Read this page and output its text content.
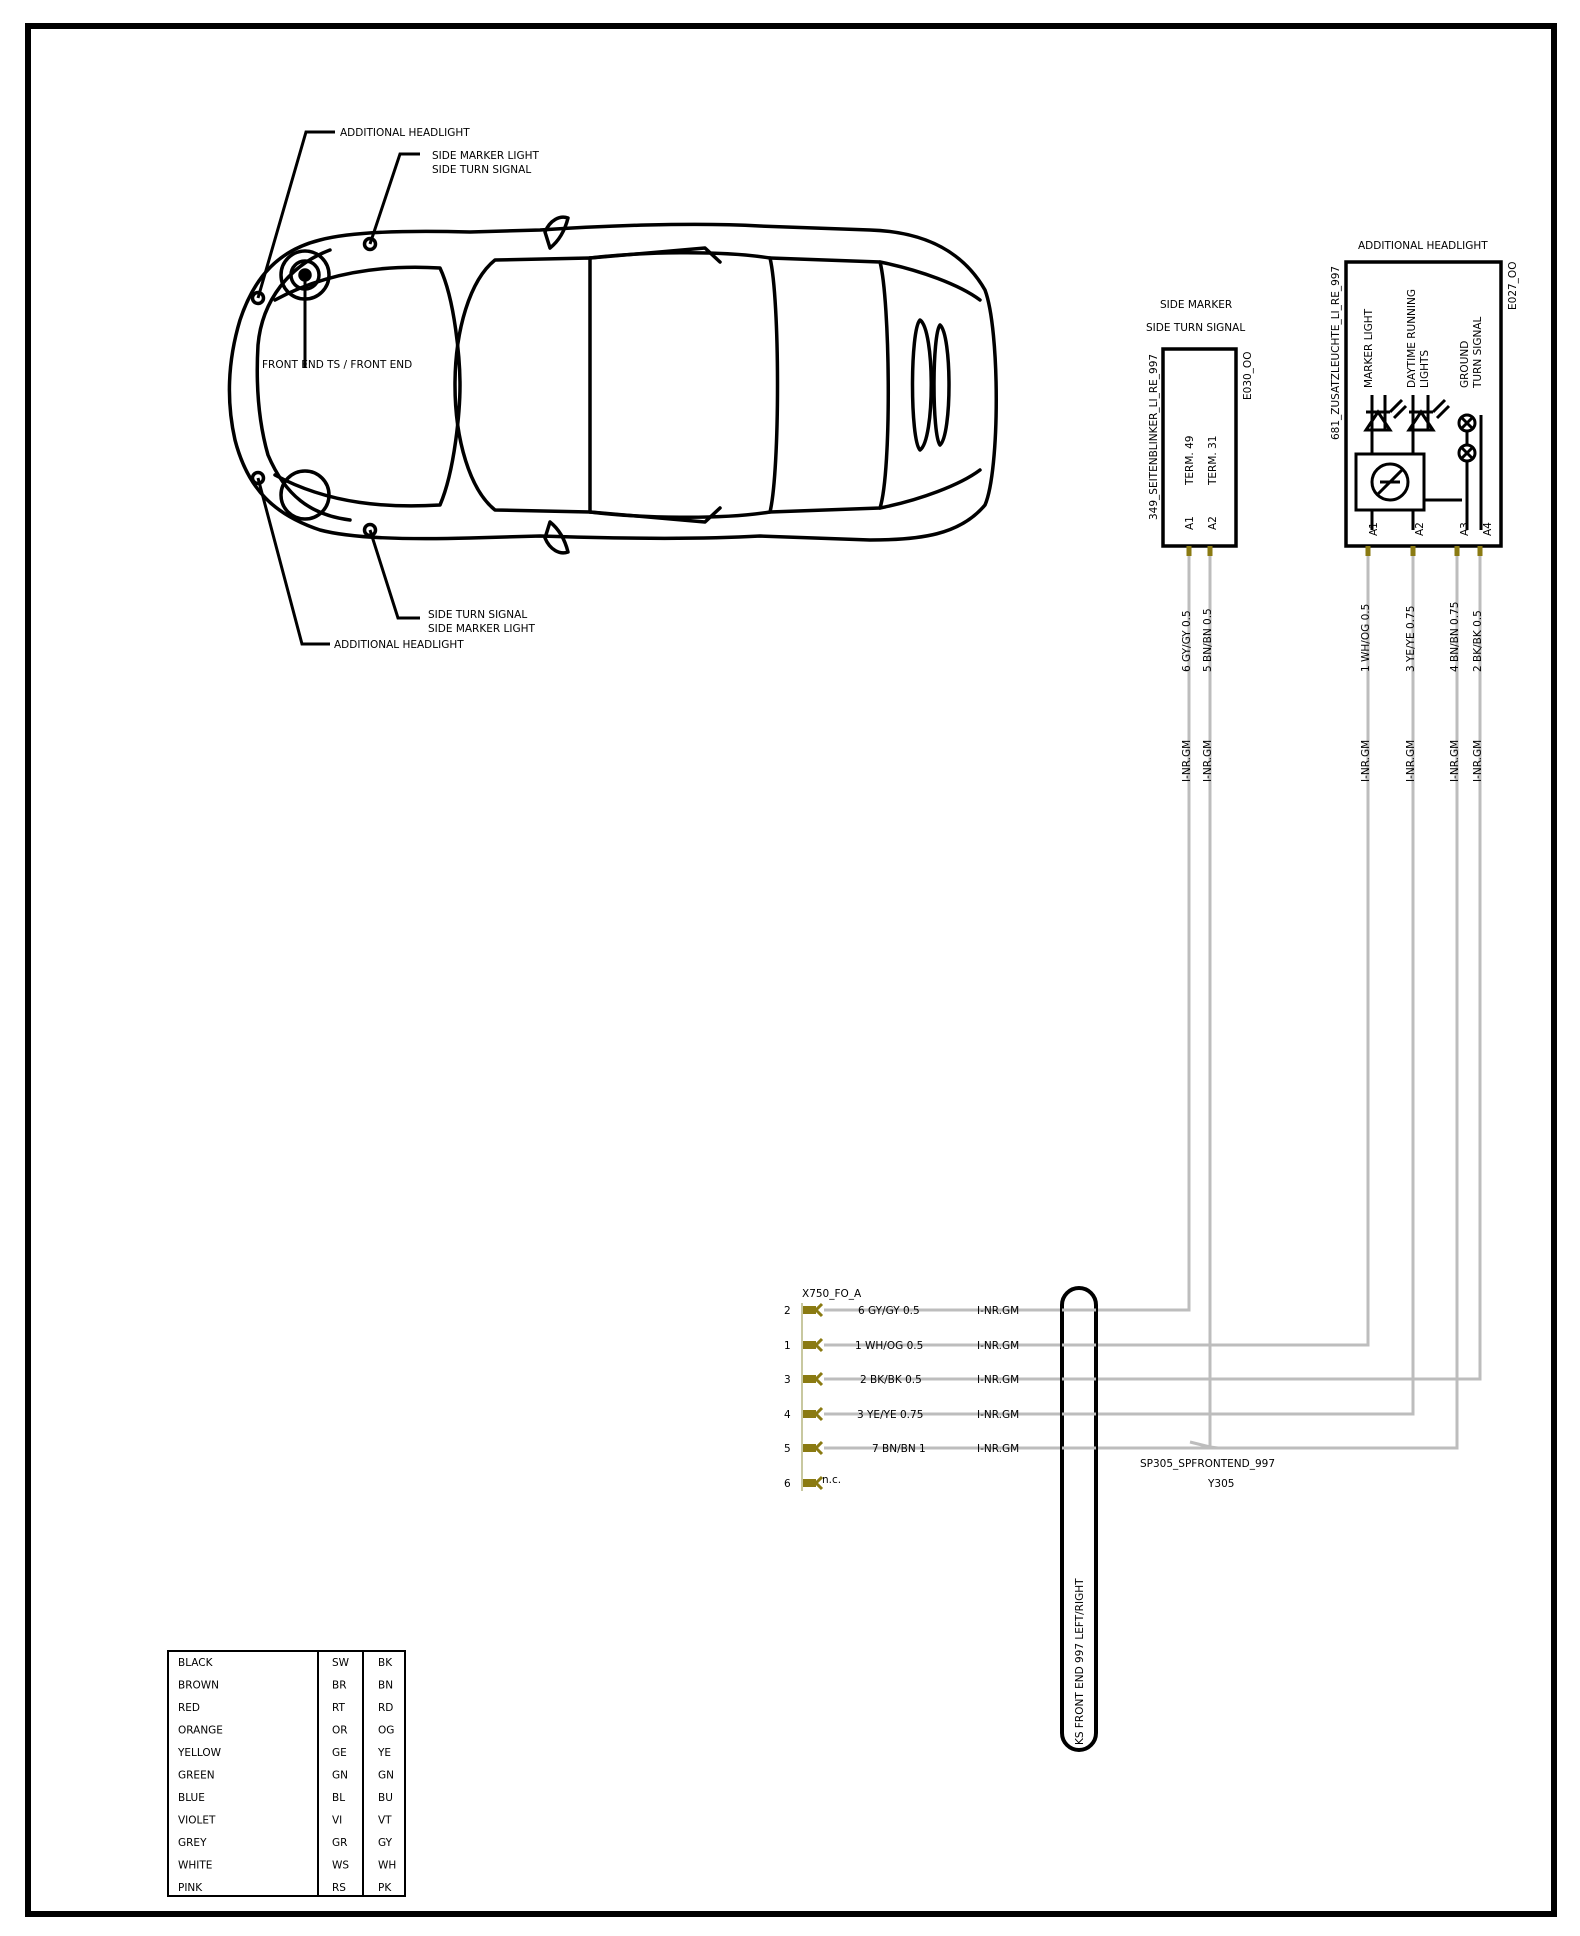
ADDITIONAL HEADLIGHT
SIDE MARKER LIGHT
SIDE TURN SIGNAL
FRONT END TS / FRONT END
SIDE TURN SIGNAL
SIDE MARKER LIGHT
ADDITIONAL HEADLIGHT
SIDE MARKER
SIDE TURN SIGNAL
349_SEITENBLINKER_LI_RE_997	E030_OO
TERM. 49 TERM. 31
A1 A2
ADDITIONAL HEADLIGHT
681_ZUSATZLEUCHTE_LI_RE_997	E027_OO
MARKER LIGHT	DAYTIME RUNNING LIGHTS	GROUND TURN SIGNAL
A1	A2	A3 A4
6 GY/GY 0.5 5 BN/BN 0.5	1 WH/OG 0.5	3 YE/YE 0.75	4 BN/BN 0.75 2 BK/BK 0.5
I-NR.GM I-NR.GM	I-NR.GM	I-NR.GM	I-NR.GM I-NR.GM
X750_FO_A
2	6 GY/GY 0.5	I-NR.GM
1	1 WH/OG 0.5	I-NR.GM
3	2 BK/BK 0.5	I-NR.GM
4	3 YE/YE 0.75	I-NR.GM
5	7 BN/BN 1	I-NR.GM
6	n.c.
KS FRONT END 997 LEFT/RIGHT
SP305_SPFRONTEND_997
Y305
BLACK	SW	BK
BROWN	BR	BN
RED	RT	RD
ORANGE	OR	OG
YELLOW	GE	YE
GREEN	GN	GN
BLUE	BL	BU
VIOLET	VI	VT
GREY	GR	GY
WHITE	WS	WH
PINK	RS	PK
